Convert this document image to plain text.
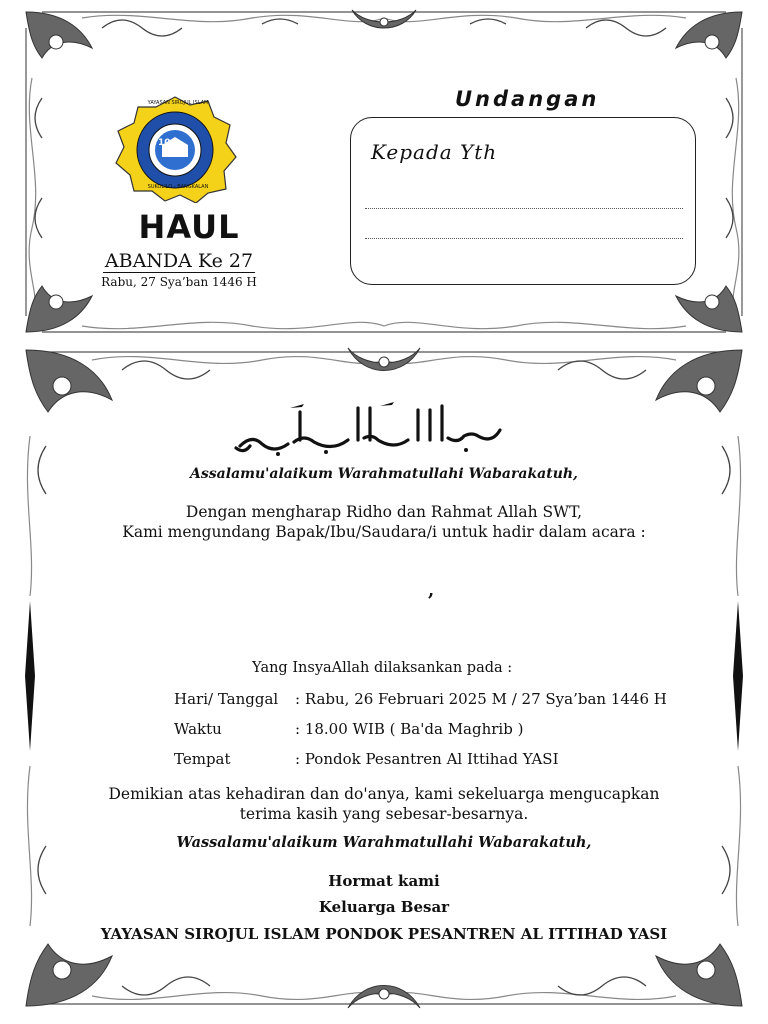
10
YAYASAN SIROJUL ISLAM
SUKOLILO - BANGKALAN
HAUL

ABANDA Ke 27

Rabu, 27 Sya’ban 1446 H

Undangan

Kepada Yth

Assalamu'alaikum Warahmatullahi Wabarakatuh,

Dengan mengharap Ridho dan Rahmat Allah SWT,

Kami mengundang Bapak/Ibu/Saudara/i untuk hadir dalam acara :

,

Yang InsyaAllah dilaksankan pada :

Hari/ Tanggal : Rabu, 26 Februari 2025 M / 27 Sya’ban 1446 H
Waktu	: 18.00 WIB ( Ba'da Maghrib )
Tempat	: Pondok Pesantren Al Ittihad YASI

Demikian atas kehadiran dan do'anya, kami sekeluarga mengucapkan

terima kasih yang sebesar-besarnya.

Wassalamu'alaikum Warahmatullahi Wabarakatuh,

Hormat kami

Keluarga Besar

YAYASAN SIROJUL ISLAM PONDOK PESANTREN AL ITTIHAD YASI
